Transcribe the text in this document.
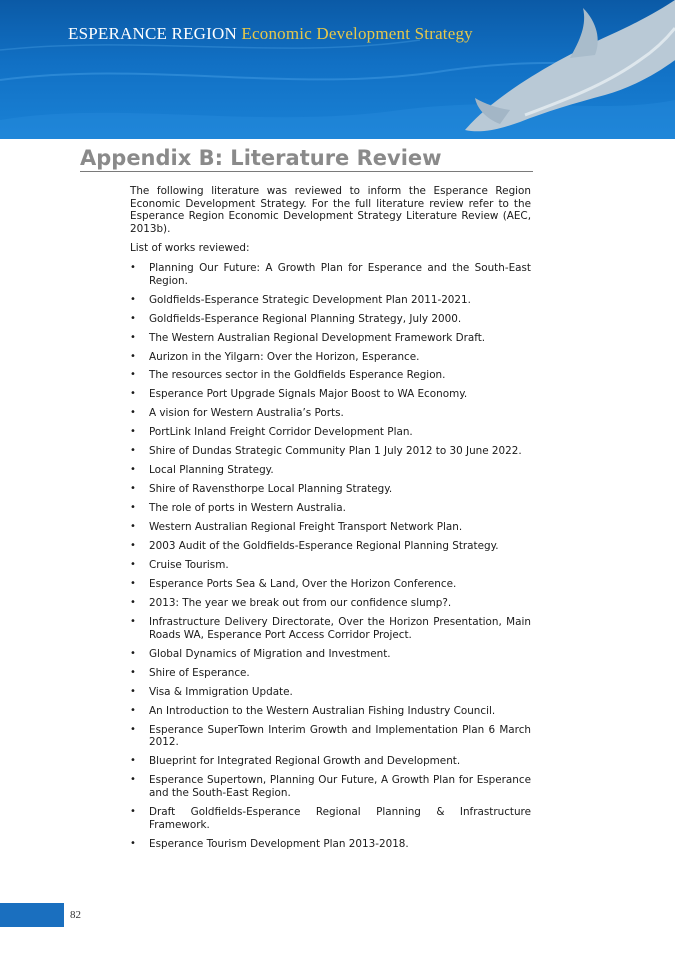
ESPERANCE REGION Economic Development Strategy
Appendix B: Literature Review

The following literature was reviewed to inform the Esperance Region Economic Development Strategy. For the full literature review refer to the Esperance Region Economic Development Strategy Literature Review (AEC, 2013b).

List of works reviewed:

• Planning Our Future: A Growth Plan for Esperance and the South-East Region.
• Goldfields-Esperance Strategic Development Plan 2011-2021.
• Goldfields-Esperance Regional Planning Strategy, July 2000.
• The Western Australian Regional Development Framework Draft.
• Aurizon in the Yilgarn: Over the Horizon, Esperance.
• The resources sector in the Goldfields Esperance Region.
• Esperance Port Upgrade Signals Major Boost to WA Economy.
• A vision for Western Australia’s Ports.
• PortLink Inland Freight Corridor Development Plan.
• Shire of Dundas Strategic Community Plan 1 July 2012 to 30 June 2022.
• Local Planning Strategy.
• Shire of Ravensthorpe Local Planning Strategy.
• The role of ports in Western Australia.
• Western Australian Regional Freight Transport Network Plan.
• 2003 Audit of the Goldfields-Esperance Regional Planning Strategy.
• Cruise Tourism.
• Esperance Ports Sea & Land, Over the Horizon Conference.
• 2013: The year we break out from our confidence slump?.
• Infrastructure Delivery Directorate, Over the Horizon Presentation, Main Roads WA, Esperance Port Access Corridor Project.
• Global Dynamics of Migration and Investment.
• Shire of Esperance.
• Visa & Immigration Update.
• An Introduction to the Western Australian Fishing Industry Council.
• Esperance SuperTown Interim Growth and Implementation Plan 6 March 2012.
• Blueprint for Integrated Regional Growth and Development.
• Esperance Supertown, Planning Our Future, A Growth Plan for Esperance and the South-East Region.
• Draft Goldfields-Esperance Regional Planning & Infrastructure Framework.
• Esperance Tourism Development Plan 2013-2018.
82
